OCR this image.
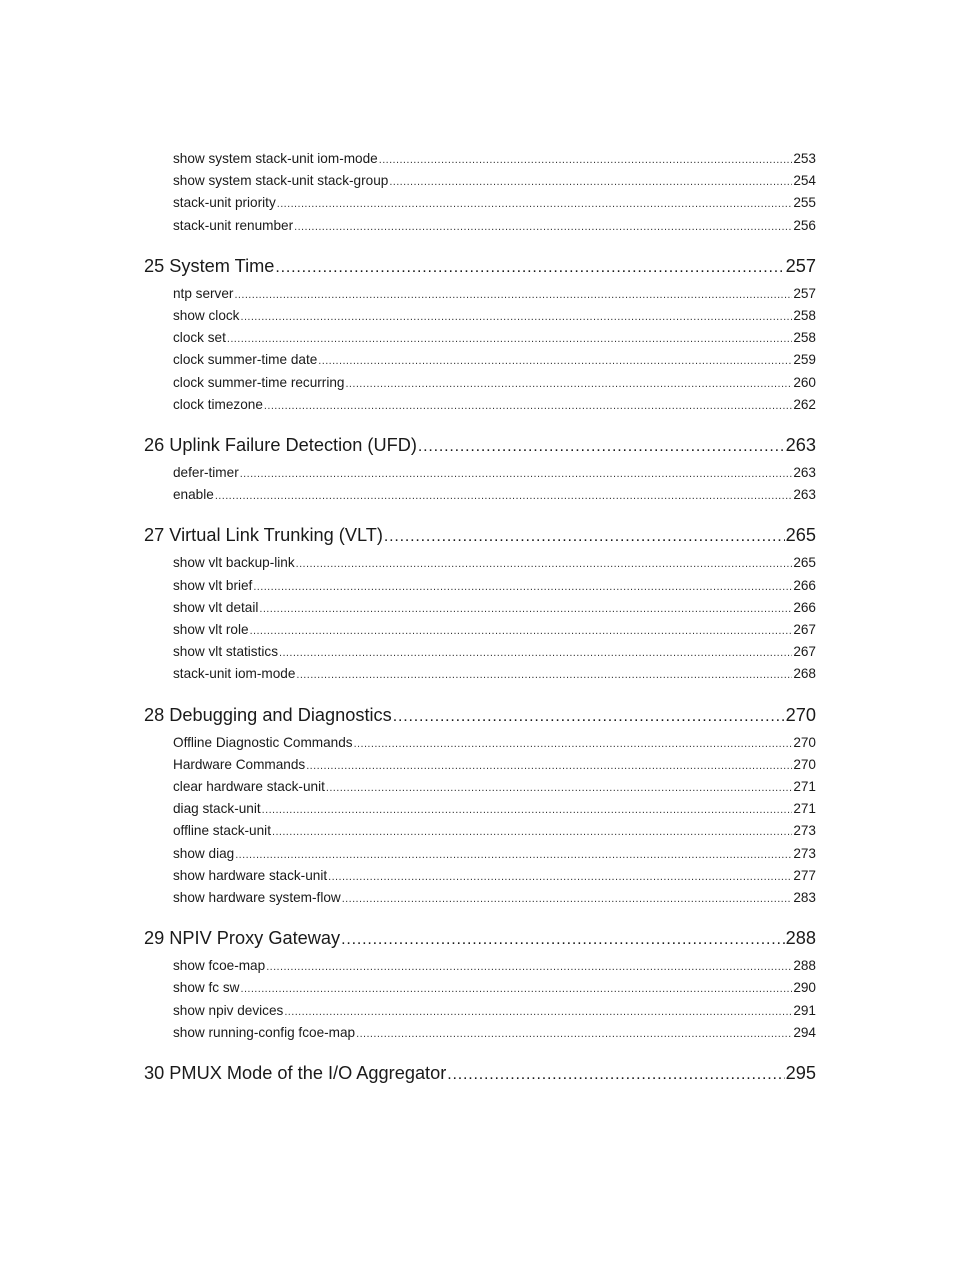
show system stack-unit iom-mode .....	253
show system stack-unit stack-group .....	254
stack-unit priority .....	255
stack-unit renumber .....	256
25 System Time .....	257
ntp server .....	257
show clock .....	258
clock set .....	258
clock summer-time date .....	259
clock summer-time recurring .....	260
clock timezone .....	262
26 Uplink Failure Detection (UFD) .....	263
defer-timer .....	263
enable .....	263
27 Virtual Link Trunking (VLT) .....	265
show vlt backup-link .....	265
show vlt brief .....	266
show vlt detail .....	266
show vlt role .....	267
show vlt statistics .....	267
stack-unit iom-mode .....	268
28 Debugging and Diagnostics .....	270
Offline Diagnostic Commands .....	270
Hardware Commands .....	270
clear hardware stack-unit .....	271
diag stack-unit .....	271
offline stack-unit .....	273
show diag .....	273
show hardware stack-unit .....	277
show hardware system-flow .....	283
29 NPIV Proxy Gateway .....	288
show fcoe-map .....	288
show fc sw .....	290
show npiv devices .....	291
show running-config fcoe-map .....	294
30 PMUX Mode of the I/O Aggregator .....	295
